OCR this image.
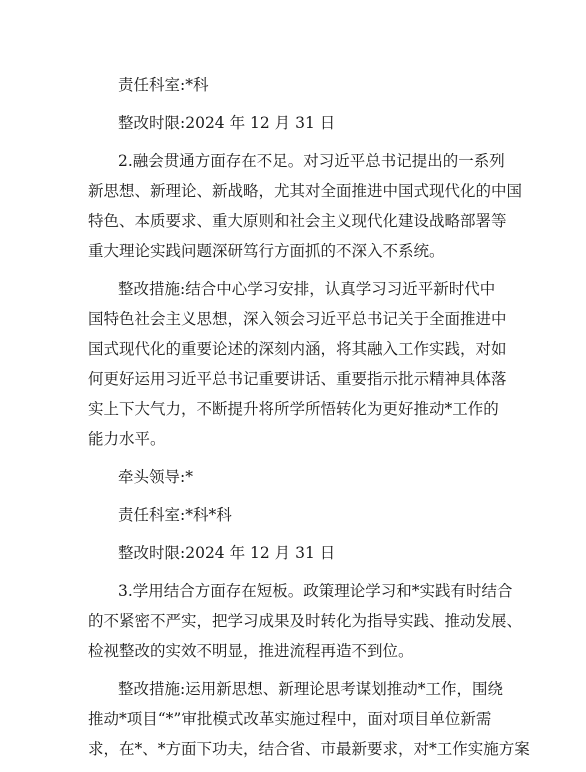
责任科室:*科
整改时限:2024 年 12 月 31 日
2.融会贯通方面存在不足。对习近平总书记提出的一系列
新思想、新理论、新战略，尤其对全面推进中国式现代化的中国
特色、本质要求、重大原则和社会主义现代化建设战略部署等
重大理论实践问题深研笃行方面抓的不深入不系统。
整改措施:结合中心学习安排，认真学习习近平新时代中
国特色社会主义思想，深入领会习近平总书记关于全面推进中
国式现代化的重要论述的深刻内涵，将其融入工作实践，对如
何更好运用习近平总书记重要讲话、重要指示批示精神具体落
实上下大气力，不断提升将所学所悟转化为更好推动*工作的
能力水平。
牵头领导:*
责任科室:*科*科
整改时限:2024 年 12 月 31 日
3.学用结合方面存在短板。政策理论学习和*实践有时结合
的不紧密不严实，把学习成果及时转化为指导实践、推动发展、
检视整改的实效不明显，推进流程再造不到位。
整改措施:运用新思想、新理论思考谋划推动*工作，围绕
推动*项目“*”审批模式改革实施过程中，面对项目单位新需
求，在*、*方面下功夫，结合省、市最新要求，对*工作实施方案
